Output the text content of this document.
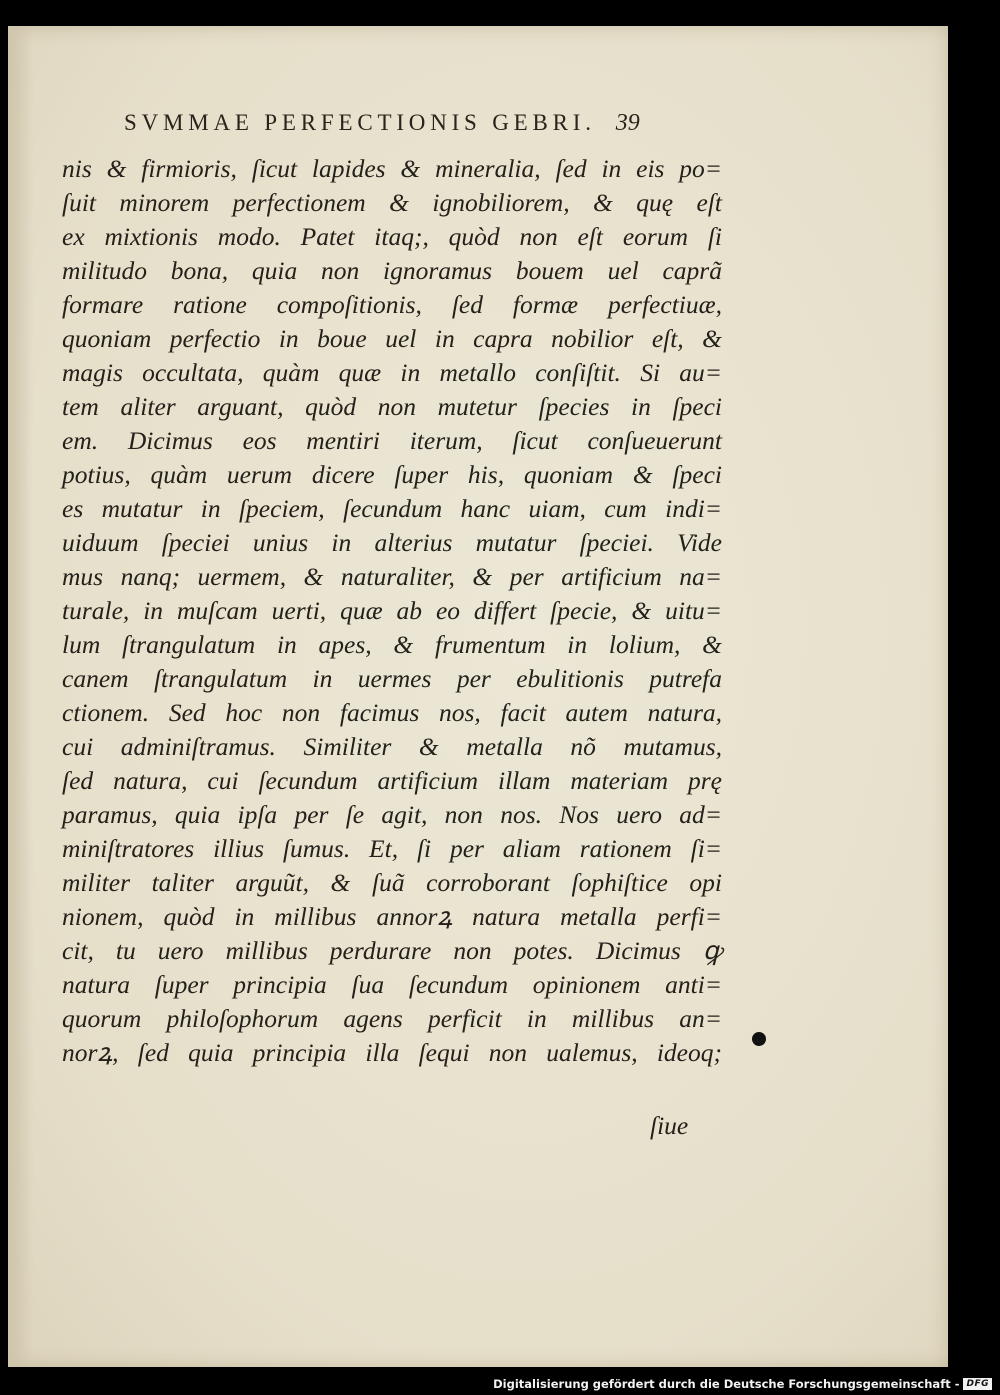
SVMMAE PERFECTIONIS GEBRI. 39
nis & firmioris, ſicut lapides & mineralia, ſed in eis po=
ſuit minorem perfectionem & ignobiliorem, & quę eſt
ex mixtionis modo. Patet itaq;, quòd non eſt eorum ſi
militudo bona, quia non ignoramus bouem uel caprã
formare ratione compoſitionis, ſed formæ perfectiuæ,
quoniam perfectio in boue uel in capra nobilior eſt, &
magis occultata, quàm quæ in metallo conſiſtit. Si au=
tem aliter arguant, quòd non mutetur ſpecies in ſpeci
em. Dicimus eos mentiri iterum, ſicut conſueuerunt
potius, quàm uerum dicere ſuper his, quoniam & ſpeci
es mutatur in ſpeciem, ſecundum hanc uiam, cum indi=
uiduum ſpeciei unius in alterius mutatur ſpeciei. Vide
mus nanq; uermem, & naturaliter, & per artificium na=
turale, in muſcam uerti, quæ ab eo differt ſpecie, & uitu=
lum ſtrangulatum in apes, & frumentum in lolium, &
canem ſtrangulatum in uermes per ebulitionis putrefa
ctionem. Sed hoc non facimus nos, facit autem natura,
cui adminiſtramus. Similiter & metalla nõ mutamus,
ſed natura, cui ſecundum artificium illam materiam prę
paramus, quia ipſa per ſe agit, non nos. Nos uero ad=
miniſtratores illius ſumus. Et, ſi per aliam rationem ſi=
militer taliter arguũt, & ſuã corroborant ſophiſtice opi
nionem, quòd in millibus annorꝝ natura metalla perfi=
cit, tu uero millibus perdurare non potes. Dicimus ꝙ
natura ſuper principia ſua ſecundum opinionem anti=
quorum philoſophorum agens perficit in millibus an=
norꝝ, ſed quia principia illa ſequi non ualemus, ideoq;
ſiue
Digitalisierung gefördert durch die Deutsche Forschungsgemeinschaft - DFG
